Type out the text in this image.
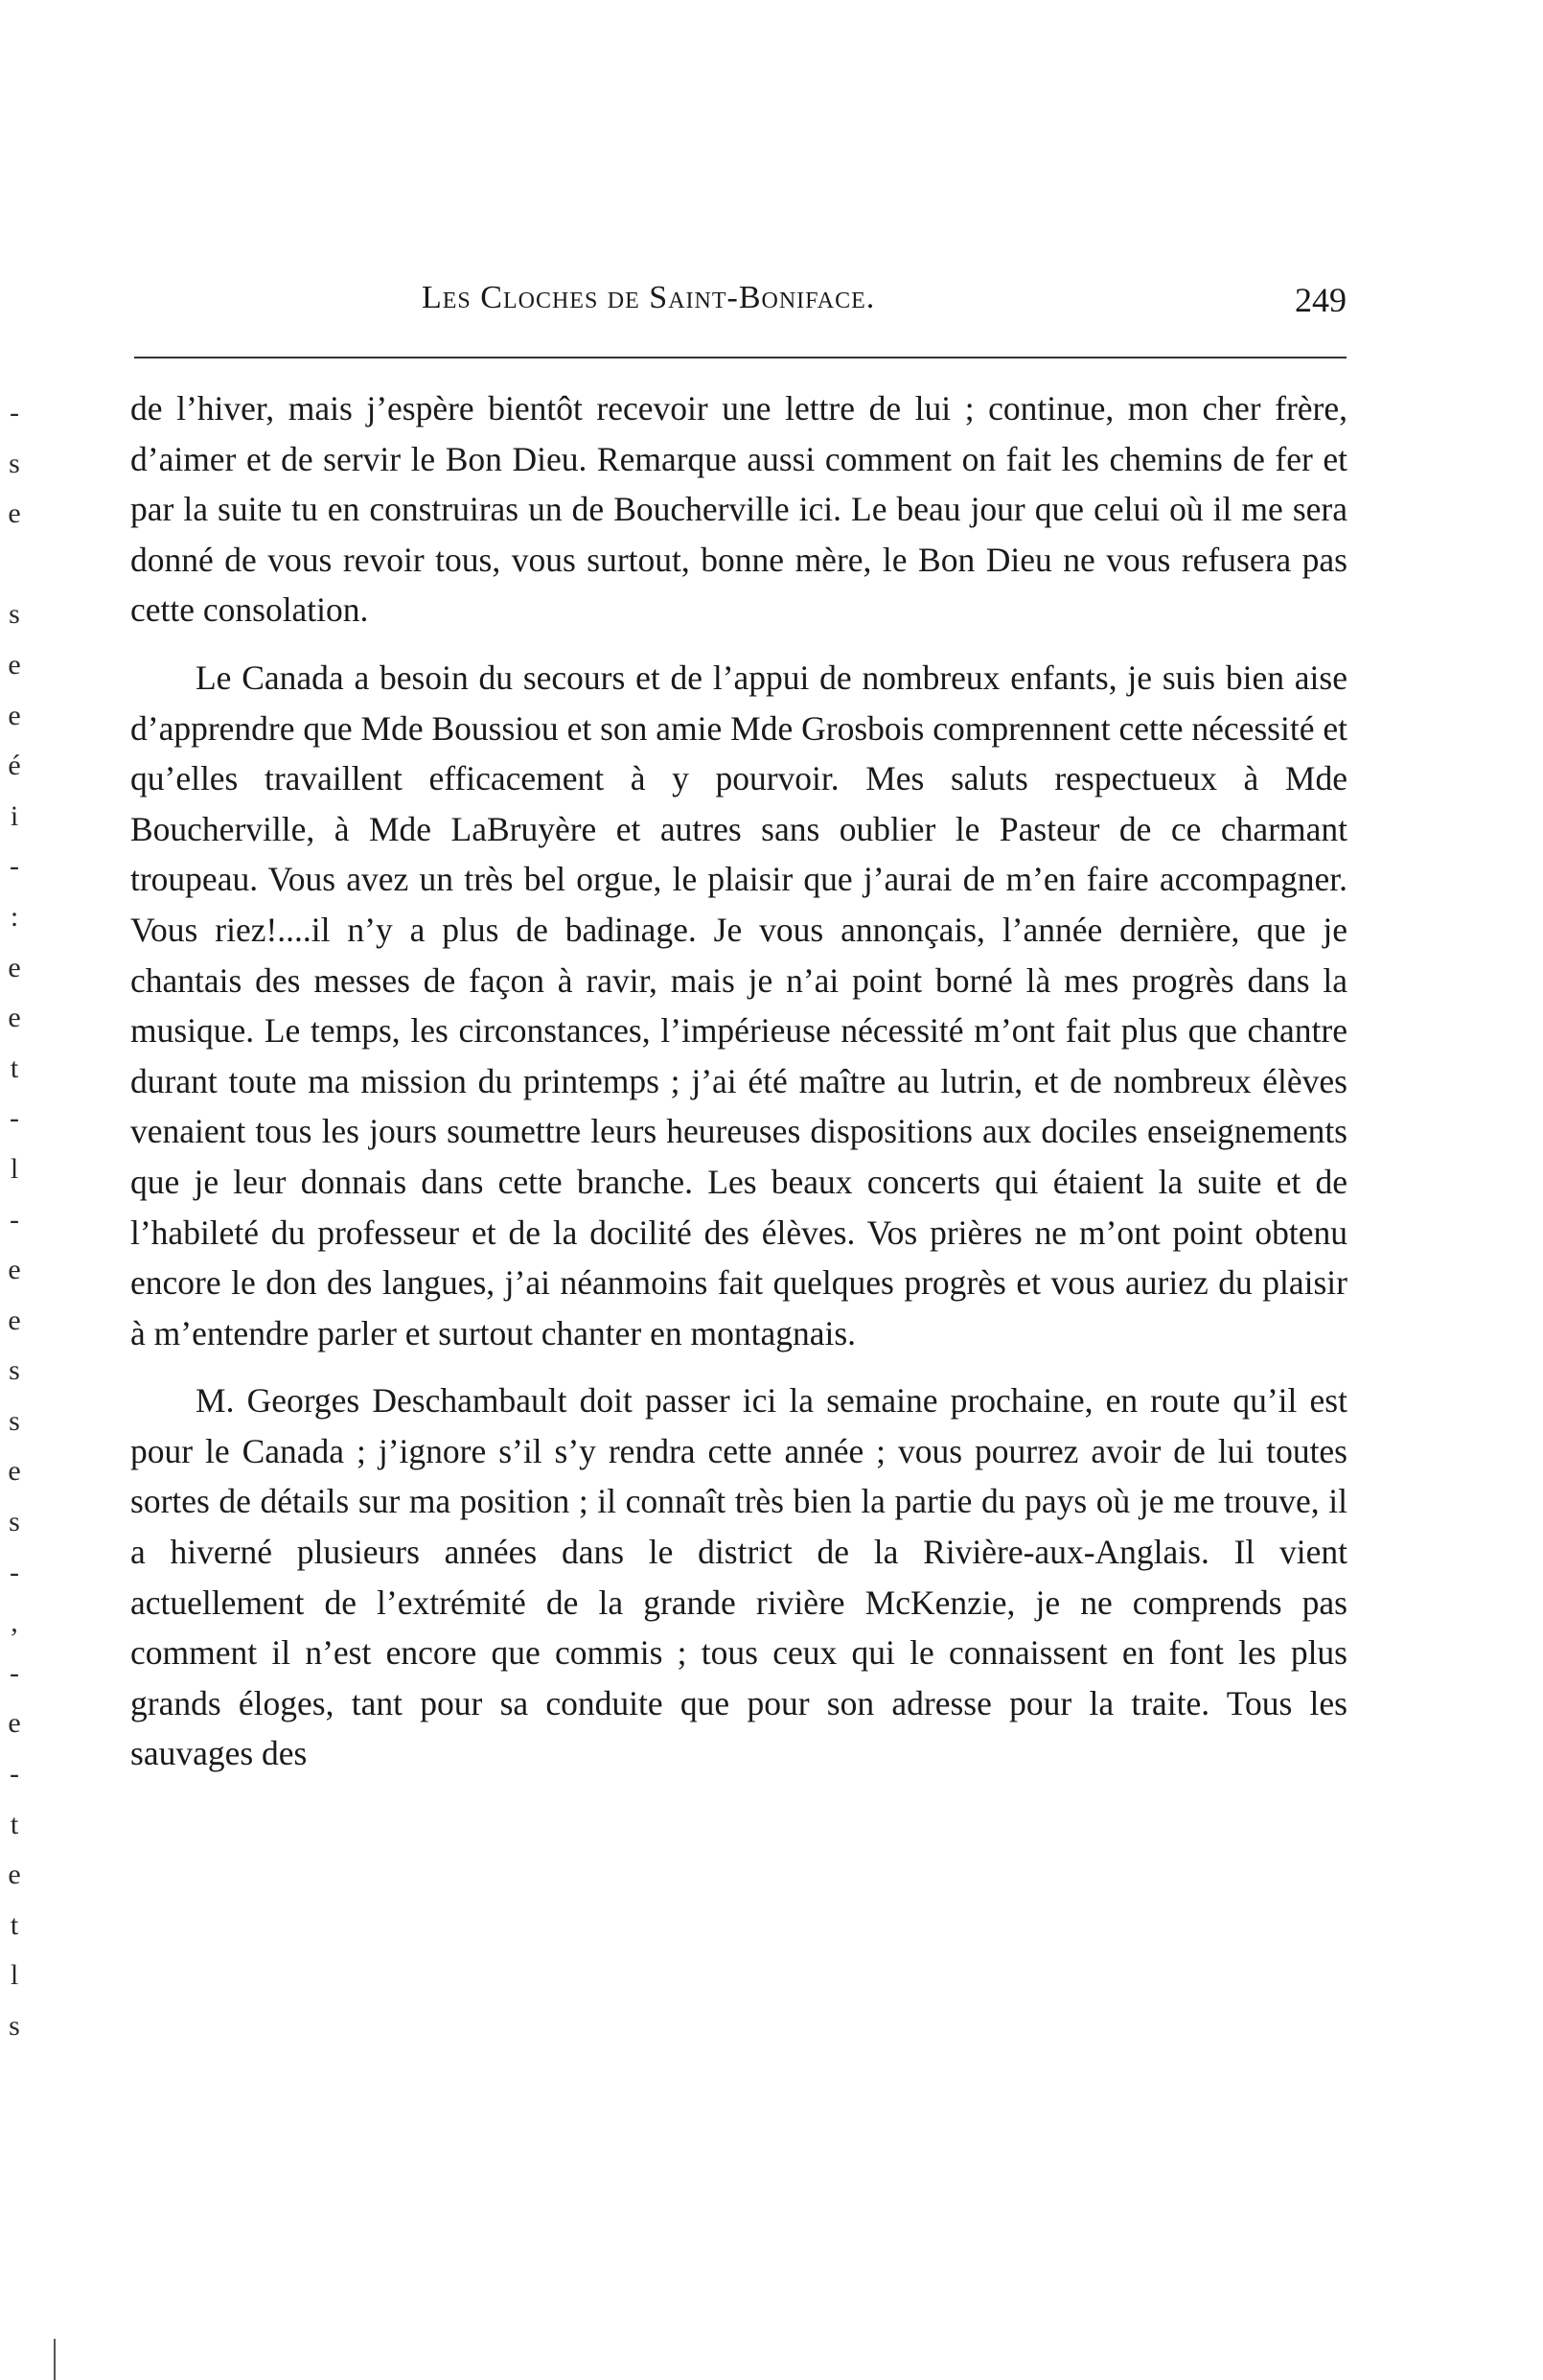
Les Cloches de Saint-Boniface.	249

de l’hiver, mais j’espère bientôt recevoir une lettre de lui ; continue, mon cher frère, d’aimer et de servir le Bon Dieu. Remarque aussi comment on fait les chemins de fer et par la suite tu en construiras un de Boucherville ici. Le beau jour que celui où il me sera donné de vous revoir tous, vous surtout, bonne mère, le Bon Dieu ne vous refusera pas cette consolation.

Le Canada a besoin du secours et de l’appui de nombreux enfants, je suis bien aise d’apprendre que Mde Boussiou et son amie Mde Grosbois comprennent cette nécessité et qu’elles travaillent efficacement à y pourvoir. Mes saluts respectueux à Mde Boucherville, à Mde LaBruyère et autres sans oublier le Pasteur de ce charmant troupeau. Vous avez un très bel orgue, le plaisir que j’aurai de m’en faire accompagner. Vous riez!....il n’y a plus de badinage. Je vous annonçais, l’année dernière, que je chantais des messes de façon à ravir, mais je n’ai point borné là mes progrès dans la musique. Le temps, les circonstances, l’impérieuse nécessité m’ont fait plus que chantre durant toute ma mission du printemps ; j’ai été maître au lutrin, et de nombreux élèves venaient tous les jours soumettre leurs heureuses dispositions aux dociles enseignements que je leur donnais dans cette branche. Les beaux concerts qui étaient la suite et de l’habileté du professeur et de la docilité des élèves. Vos prières ne m’ont point obtenu encore le don des langues, j’ai néanmoins fait quelques progrès et vous auriez du plaisir à m’entendre parler et surtout chanter en montagnais.

M. Georges Deschambault doit passer ici la semaine prochaine, en route qu’il est pour le Canada ; j’ignore s’il s’y rendra cette année ; vous pourrez avoir de lui toutes sortes de détails sur ma position ; il connaît très bien la partie du pays où je me trouve, il a hiverné plusieurs années dans le district de la Rivière-aux-Anglais. Il vient actuellement de l’extrémité de la grande rivière McKenzie, je ne comprends pas comment il n’est encore que commis ; tous ceux qui le connaissent en font les plus grands éloges, tant pour sa conduite que pour son adresse pour la traite. Tous les sauvages des

-
s
e
s
e
e
é
i
-
:
e
e
t
-
l
-
e
e
s
s
e
s
-
,
-
e
-
t
e
t
l
s
